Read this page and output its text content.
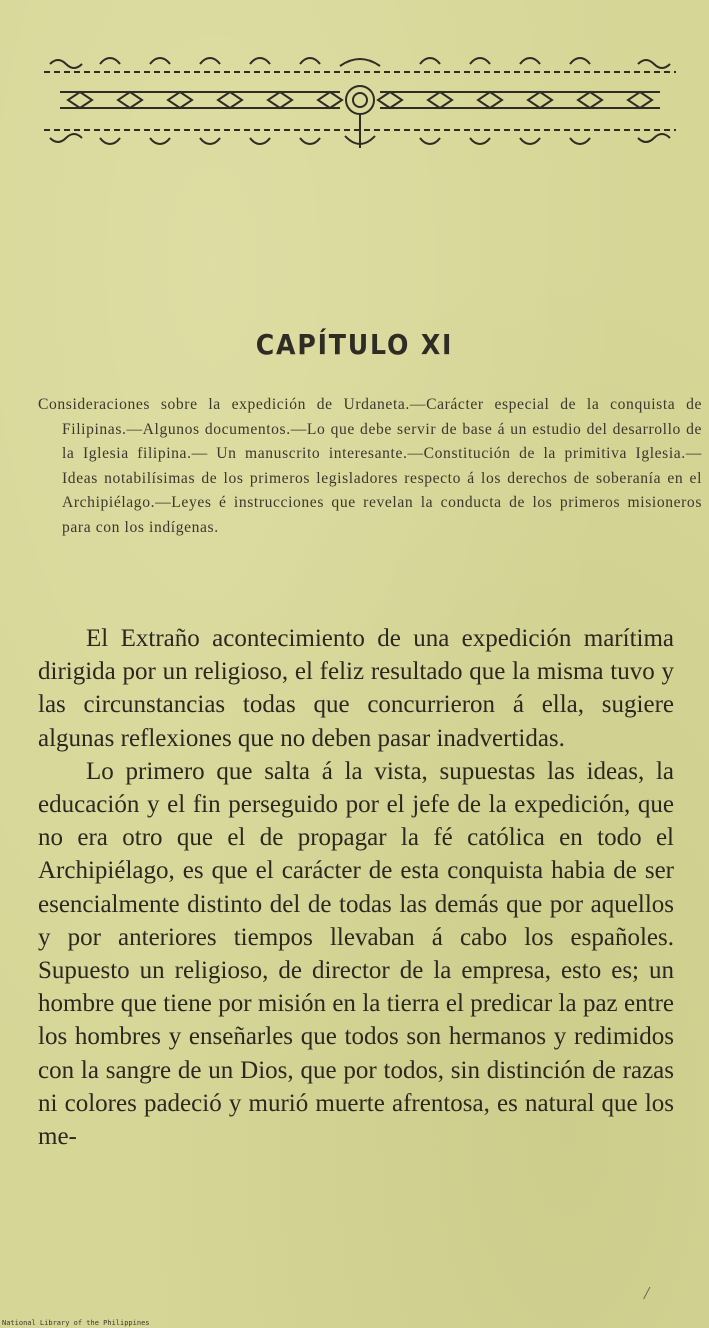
CAPÍTULO XI
Consideraciones sobre la expedición de Urdaneta.—Carácter especial de la conquista de Filipinas.—Algunos documentos.—Lo que debe servir de base á un estudio del desarrollo de la Iglesia filipina.— Un manuscrito interesante.—Constitución de la primitiva Iglesia.— Ideas notabilísimas de los primeros legisladores respecto á los derechos de soberanía en el Archipiélago.—Leyes é instrucciones que revelan la conducta de los primeros misioneros para con los indígenas.

El Extraño acontecimiento de una expedición marítima dirigida por un religioso, el feliz resultado que la misma tuvo y las circunstancias todas que concurrieron á ella, sugiere algunas reflexiones que no deben pasar inadvertidas.

Lo primero que salta á la vista, supuestas las ideas, la educación y el fin perseguido por el jefe de la expedición, que no era otro que el de propagar la fé católica en todo el Archipiélago, es que el carácter de esta conquista habia de ser esencialmente distinto del de todas las demás que por aquellos y por anteriores tiempos llevaban á cabo los españoles. Supuesto un religioso, de director de la empresa, esto es; un hombre que tiene por misión en la tierra el predicar la paz entre los hombres y enseñarles que todos son hermanos y redimidos con la sangre de un Dios, que por todos, sin distinción de razas ni colores padeció y murió muerte afrentosa, es natural que los me-

/
National Library of the Philippines
